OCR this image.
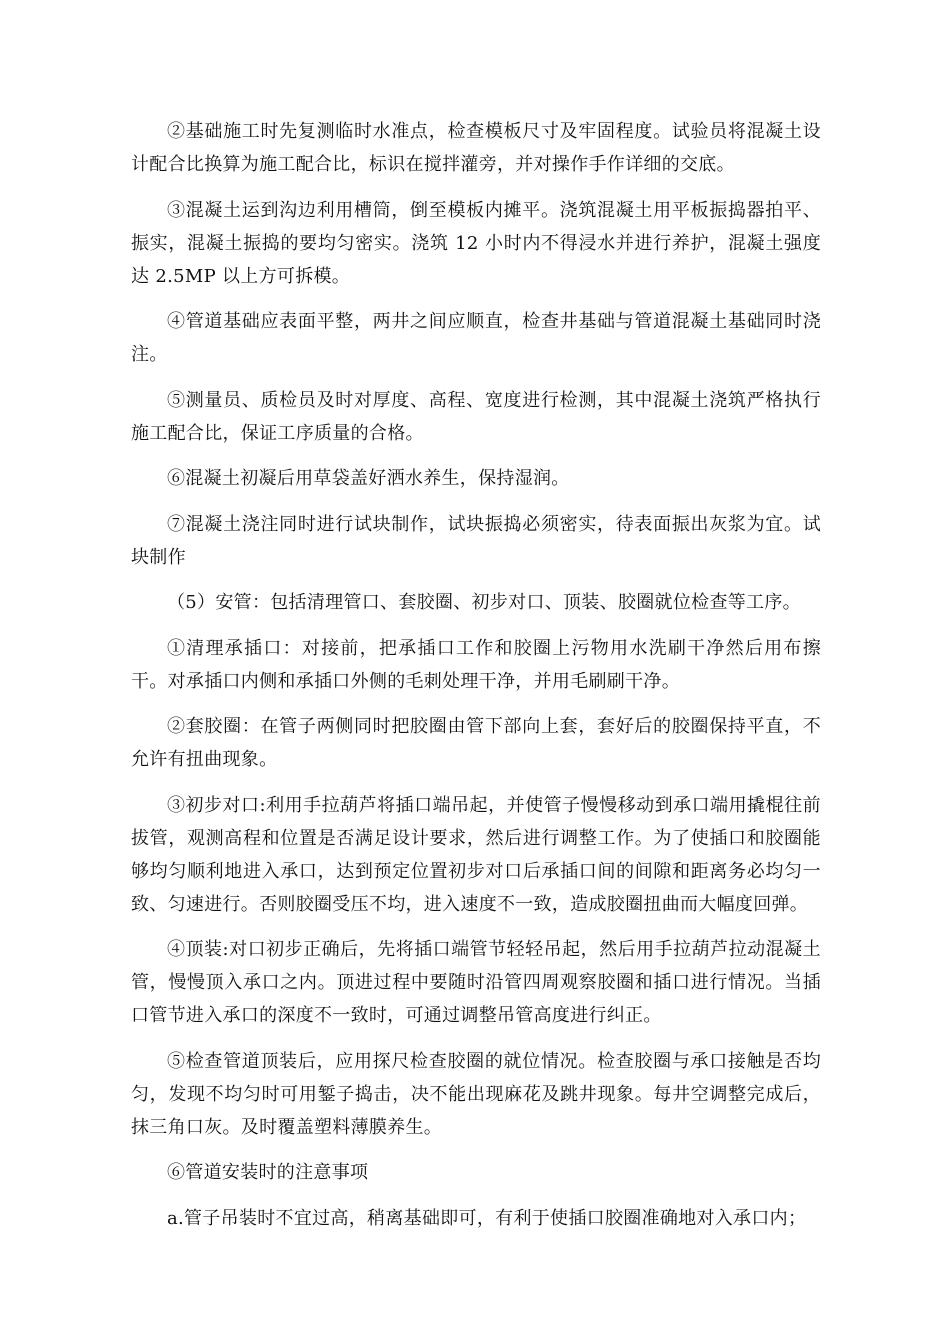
②基础施工时先复测临时水准点，检查模板尺寸及牢固程度。试验员将混凝土设计配合比换算为施工配合比，标识在搅拌灌旁，并对操作手作详细的交底。

③混凝土运到沟边利用槽筒，倒至模板内摊平。浇筑混凝土用平板振捣器拍平、振实，混凝土振捣的要均匀密实。浇筑 12 小时内不得浸水并进行养护，混凝土强度达 2.5MP 以上方可拆模。

④管道基础应表面平整，两井之间应顺直，检查井基础与管道混凝土基础同时浇注。

⑤测量员、质检员及时对厚度、高程、宽度进行检测，其中混凝土浇筑严格执行施工配合比，保证工序质量的合格。

⑥混凝土初凝后用草袋盖好洒水养生，保持湿润。

⑦混凝土浇注同时进行试块制作，试块振捣必须密实，待表面振出灰浆为宜。试块制作

（5）安管：包括清理管口、套胶圈、初步对口、顶装、胶圈就位检查等工序。

①清理承插口：对接前，把承插口工作和胶圈上污物用水洗刷干净然后用布擦干。对承插口内侧和承插口外侧的毛刺处理干净，并用毛刷刷干净。

②套胶圈：在管子两侧同时把胶圈由管下部向上套，套好后的胶圈保持平直，不允许有扭曲现象。

③初步对口:利用手拉葫芦将插口端吊起，并使管子慢慢移动到承口端用撬棍往前拔管，观测高程和位置是否满足设计要求，然后进行调整工作。为了使插口和胶圈能够均匀顺利地进入承口，达到预定位置初步对口后承插口间的间隙和距离务必均匀一致、匀速进行。否则胶圈受压不均，进入速度不一致，造成胶圈扭曲而大幅度回弹。

④顶装:对口初步正确后，先将插口端管节轻轻吊起，然后用手拉葫芦拉动混凝土管，慢慢顶入承口之内。顶进过程中要随时沿管四周观察胶圈和插口进行情况。当插口管节进入承口的深度不一致时，可通过调整吊管高度进行纠正。

⑤检查管道顶装后，应用探尺检查胶圈的就位情况。检查胶圈与承口接触是否均匀，发现不均匀时可用錾子捣击，决不能出现麻花及跳井现象。每井空调整完成后，抹三角口灰。及时覆盖塑料薄膜养生。

⑥管道安装时的注意事项

a.管子吊装时不宜过高，稍离基础即可，有利于使插口胶圈准确地对入承口内；
